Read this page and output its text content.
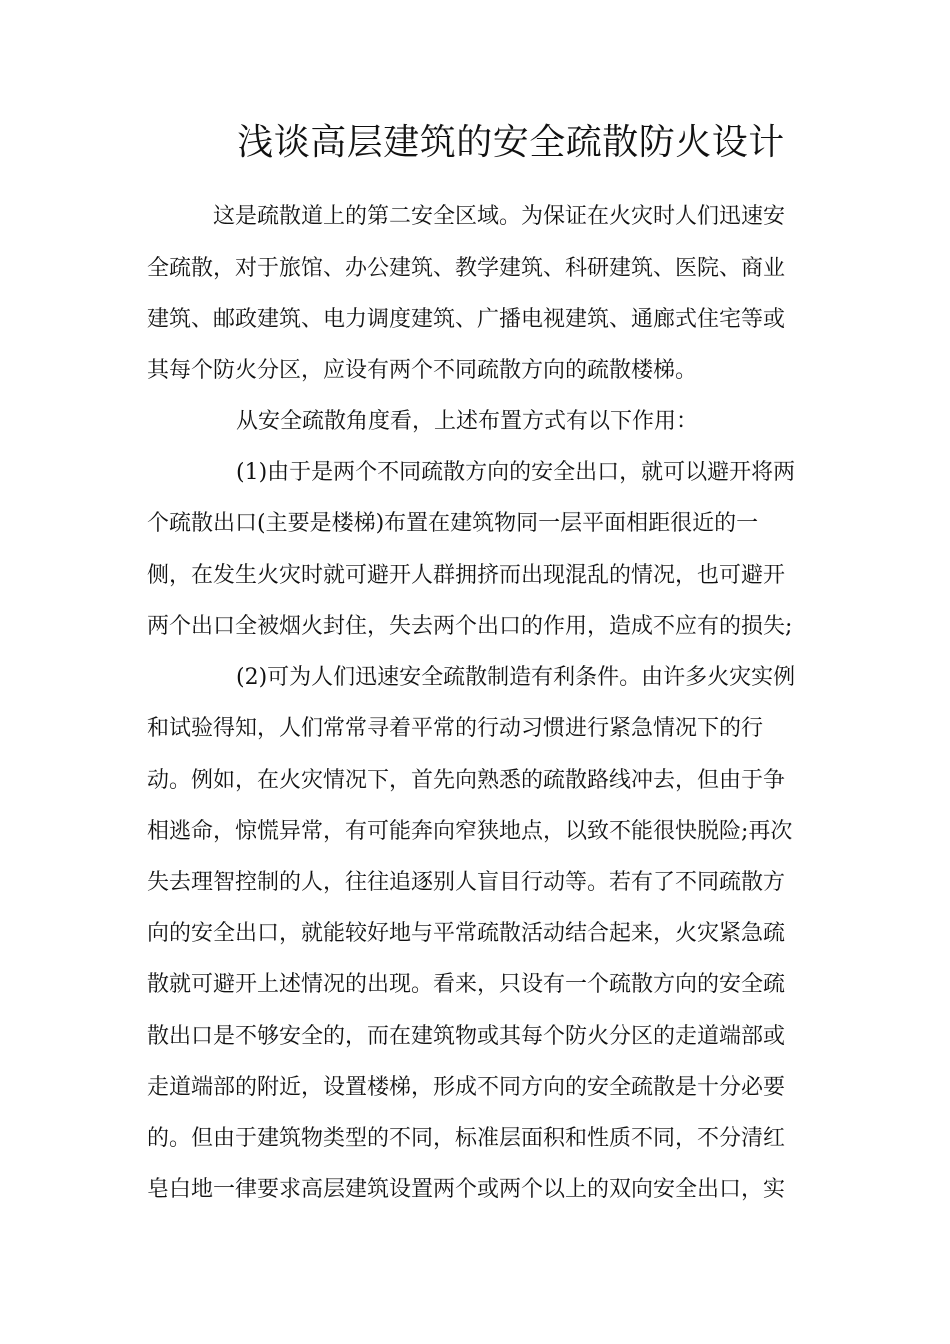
浅谈高层建筑的安全疏散防火设计
这是疏散道上的第二安全区域。为保证在火灾时人们迅速安
全疏散，对于旅馆、办公建筑、教学建筑、科研建筑、医院、商业
建筑、邮政建筑、电力调度建筑、广播电视建筑、通廊式住宅等或
其每个防火分区，应设有两个不同疏散方向的疏散楼梯。
从安全疏散角度看，上述布置方式有以下作用：
(1)由于是两个不同疏散方向的安全出口，就可以避开将两
个疏散出口(主要是楼梯)布置在建筑物同一层平面相距很近的一
侧，在发生火灾时就可避开人群拥挤而出现混乱的情况，也可避开
两个出口全被烟火封住，失去两个出口的作用，造成不应有的损失;
(2)可为人们迅速安全疏散制造有利条件。由许多火灾实例
和试验得知，人们常常寻着平常的行动习惯进行紧急情况下的行
动。例如，在火灾情况下，首先向熟悉的疏散路线冲去，但由于争
相逃命，惊慌异常，有可能奔向窄狭地点，以致不能很快脱险;再次
失去理智控制的人，往往追逐别人盲目行动等。若有了不同疏散方
向的安全出口，就能较好地与平常疏散活动结合起来，火灾紧急疏
散就可避开上述情况的出现。看来，只设有一个疏散方向的安全疏
散出口是不够安全的，而在建筑物或其每个防火分区的走道端部或
走道端部的附近，设置楼梯，形成不同方向的安全疏散是十分必要
的。但由于建筑物类型的不同，标准层面积和性质不同，不分清红
皂白地一律要求高层建筑设置两个或两个以上的双向安全出口，实
